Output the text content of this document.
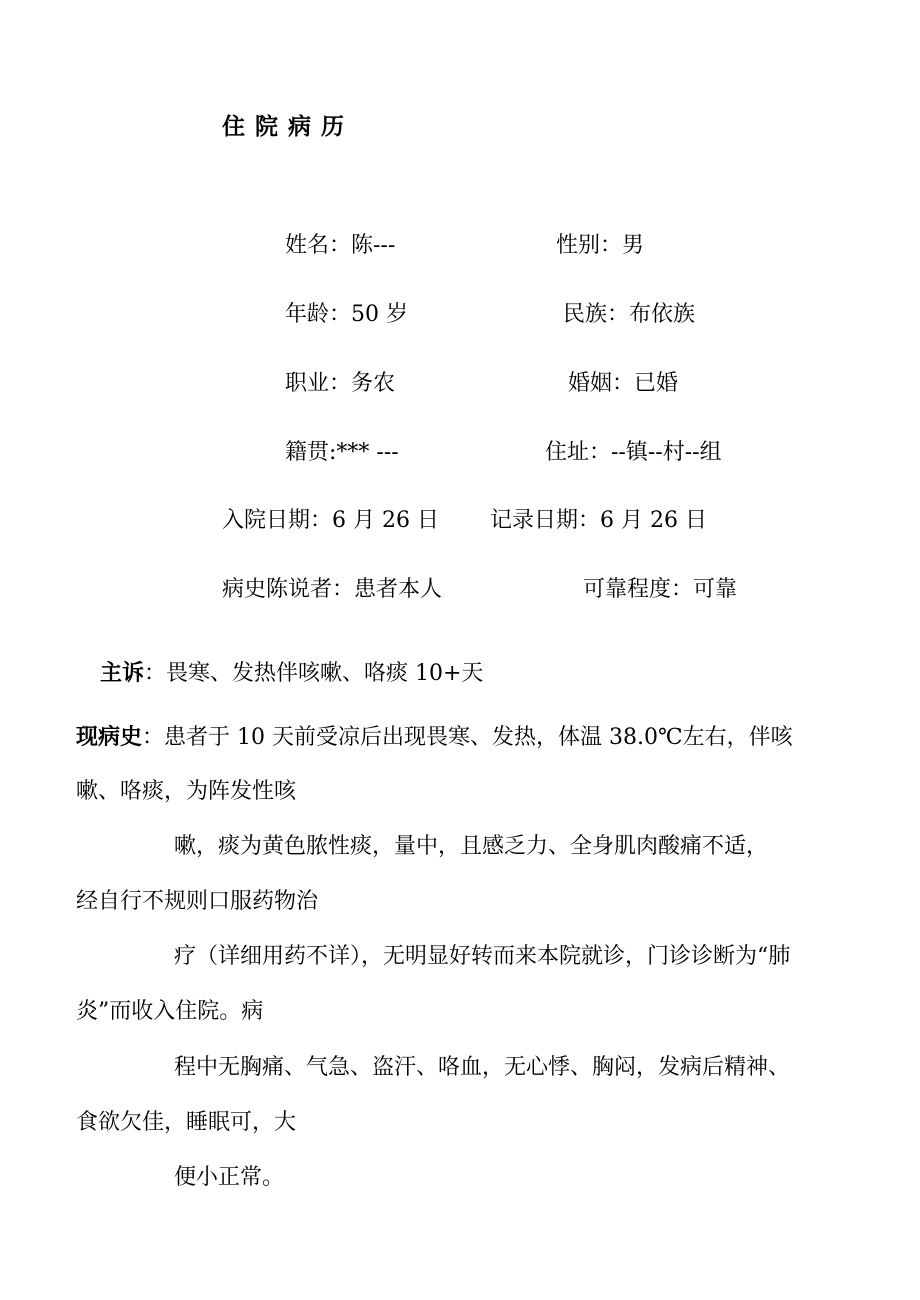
住院病历
姓名：陈---	性别：男
年龄：50 岁	民族：布依族
职业：务农	婚姻：已婚
籍贯:*** ---	住址：--镇--村--组
入院日期：6 月 26 日 记录日期：6 月 26 日
病史陈说者：患者本人	可靠程度：可靠
主诉：畏寒、发热伴咳嗽、咯痰 10+天
现病史：患者于 10 天前受凉后出现畏寒、发热，体温 38.0℃左右，伴咳
嗽、咯痰，为阵发性咳
嗽，痰为黄色脓性痰，量中，且感乏力、全身肌肉酸痛不适，
经自行不规则口服药物治
疗（详细用药不详），无明显好转而来本院就诊，门诊诊断为“肺
炎”而收入住院。病
程中无胸痛、气急、盗汗、咯血，无心悸、胸闷，发病后精神、
食欲欠佳，睡眠可，大
便小正常。
